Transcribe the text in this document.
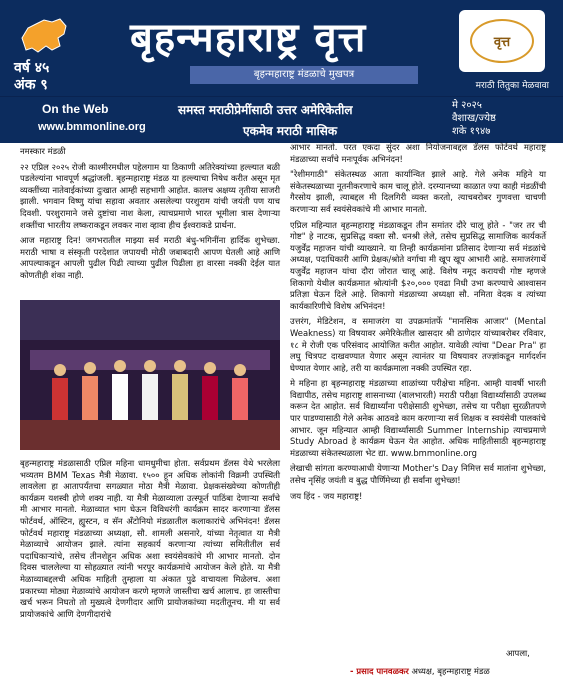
वर्ष ४५
अंक ९
बृहन्महाराष्ट्र वृत्त
बृहन्महाराष्ट्र मंडळाचे मुखपत्र
वृत्त
मराठी तितुका मेळवावा
On the Web
www.bmmonline.org
समस्त मराठीप्रेमींसाठी उत्तर अमेरिकेतील
एकमेव मराठी मासिक
मे २०२५
वैशाख/ज्येष्ठ
शके १९४७

नमस्कार मंडळी

२२ एप्रिल २०२५ रोजी काश्मीरमधील पहेलगाम या ठिकाणी अतिरेक्यांच्या हल्ल्यात बळी पडलेल्यांना भावपूर्ण श्रद्धांजली. बृहन्महाराष्ट्र मंडळ या हल्ल्याचा निषेध करीत असून मृत व्यक्तींच्या नातेवाईकांच्या दुःखात आम्ही सहभागी आहोत. कालच अक्षय्य तृतीया साजरी झाली. भगवान विष्णु यांचा सहावा अवतार असलेल्या परशुराम यांची जयंती पण याच दिवशी. परशुरामाने जसे दुष्टांचा नाश केला, त्याचप्रमाणे भारत भूमीला त्रास देणाऱ्या शक्तींचा भारतीय लष्कराकडून लवकर नाश व्हावा हीच ईश्वराकडे प्रार्थना.

आज महाराष्ट्र दिन! जगभरातील माझ्या सर्व मराठी बंधु-भगिनींना हार्दिक शुभेच्छा. मराठी भाषा व संस्कृती परदेशात जपायची मोठी जबाबदारी आपण घेतली आहे आणि आपल्याकडून आपली पुढील पिढी त्याच्या पुढील पिढीला हा वारसा नक्की देईल यात कोणतीही शंका नाही.

बृहन्महाराष्ट्र मंडळासाठी एप्रिल महिना धामधुमीचा होता. सर्वप्रथम डॅलस येथे भरलेला भव्यतम BMM Texas मैत्री मेळावा. १५०० हून अधिक लोकांनी विक्रमी उपस्थिती लावलेला हा आतापर्यंतचा सगळ्यात मोठा मैत्री मेळावा. प्रेक्षकसंख्येच्या कोणतीही कार्यक्रम यशस्वी होणे शक्य नाही. या मैत्री मेळाव्याला उत्स्फूर्त पाठिंबा देणाऱ्या सर्वांचे मी आभार मानतो. मेळाव्यात भाग घेऊन विविधरंगी कार्यक्रम सादर करणाऱ्या डॅलस फोर्टवर्थ, ऑस्टिन, ह्युस्टन, व सॅन अँटोनियो मंडळातील कलाकारांचे अभिनंदन! डॅलस फोर्टवर्थ महाराष्ट्र मंडळाच्या अध्यक्षा, सौ. शामली असनारे, यांच्या नेतृत्वात या मैत्री मेळाव्याचे आयोजन झाले. त्यांना सहकार्य करणाऱ्या त्यांच्या समितीतील सर्व पदाधिकाऱ्यांचे, तसेच तीनशेहून अधिक अशा स्वयंसेवकांचे मी आभार मानतो. दोन दिवस चाललेल्या या सोहळ्यात त्यांनी भरपूर कार्यक्रमांचे आयोजन केले होते. या मैत्री मेळाव्याबद्दलची अधिक माहिती तुम्हाला या अंकात पुढे वाचायला मिळेलच. अशा प्रकारच्या मोठ्या मेळाव्यांचे आयोजन करणे म्हणजे जास्तीचा खर्च आलाच. हा जास्तीचा खर्च भरून निघतो तो मुख्यत्वे देणगीदार आणि प्रायोजकांच्या मदतीतूनच. मी या सर्व प्रायोजकांचे आणि देणगीदारांचे

आभार मानतो. परत एकदा सुंदर अशा नियोजनाबद्दल डॅलस फोर्टवर्थ महाराष्ट्र मंडळाच्या सर्वांचे मनःपूर्वक अभिनंदन!

"रेशीमगाठी" संकेतस्थळ आता कार्यान्वित झाले आहे. गेले अनेक महिने या संकेतस्थळाच्या नूतनीकरणाचे काम चालू होते. दरम्यानच्या काळात ज्या काही मंडळींची गैरसोय झाली, त्याबद्दल मी दिलगिरी व्यक्त करतो, त्याचबरोबर गुणवत्ता चाचणी करणाऱ्या सर्व स्वयंसेवकांचे मी आभार मानतो.

एप्रिल महिन्यात बृहन्महाराष्ट्र मंडळाकडून तीन समांतर दौरे चालू होते - "जर तर ची गोष्ट" हे नाटक, सुप्रसिद्ध वक्ता सौ. धनश्री लेले, तसेच सुप्रसिद्ध सामाजिक कार्यकर्ते यजुर्वेंद्र महाजन यांची व्याख्याने. या तिन्ही कार्यक्रमांना प्रतिसाद देणाऱ्या सर्व मंडळांचे अध्यक्ष, पदाधिकारी आणि प्रेक्षक/श्रोते वर्गाचा मी खूप खूप आभारी आहे. समाजरंगार्थे यजुर्वेंद्र महाजन यांचा दौरा जोरात चालू आहे. विशेष नमूद करायची गोष्ट म्हणजे शिकागो येथील कार्यक्रमात श्रोत्यांनी $२०,००० एवढा निधी उभा करण्याचे आश्वासन प्रतिज्ञा घेऊन दिले आहे. शिकागो मंडळाच्या अध्यक्षा सौ. नमिता वेदक व त्यांच्या कार्यकारिणीचे विशेष अभिनंदन!

उत्तरंग, मेडिटेशन, व समाजरंग या उपक्रमांतर्फे "मानसिक आजार" (Mental Weakness) या विषयावर अमेरिकेतील खासदार श्री ठाणेदार यांच्याबरोबर रविवार, १८ मे रोजी एक परिसंवाद आयोजित करीत आहोत. यावेळी त्यांचा "Dear Pra" हा लघु चित्रपट दाखवण्यात येणार असून त्यानंतर या विषयावर तज्ज्ञांकडून मार्गदर्शन घेण्यात येणार आहे, तरी या कार्यक्रमाला नक्की उपस्थित रहा.

मे महिना हा बृहन्महाराष्ट्र मंडळाच्या शाळांच्या परीक्षेचा महिना. आम्ही यावर्षी भारती विद्यापीठ, तसेच महाराष्ट्र शासनाच्या (बालभारती) मराठी परीक्षा विद्यार्थ्यांसाठी उपलब्ध करून देत आहोत. सर्व विद्यार्थ्यांना परीक्षेसाठी शुभेच्छा, तसेच या परीक्षा सुरळीतपणे पार पाडण्यासाठी गेले अनेक आठवडे काम करणाऱ्या सर्व शिक्षक व स्वयंसेवी पालकांचे आभार. जून महिन्यात आम्ही विद्यार्थ्यांसाठी Summer Internship त्याचप्रमाणे Study Abroad हे कार्यक्रम घेऊन येत आहोत. अधिक माहितीसाठी बृहन्महाराष्ट्र मंडळाच्या संकेतस्थळाला भेट द्या. www.bmmonline.org

लेखाची सांगता करण्याआधी येणाऱ्या Mother's Day निमित्त सर्व मातांना शुभेच्छा, तसेच नृसिंह जयंती व बुद्ध पौर्णिमेच्या ही सर्वांना शुभेच्छा!

जय हिंद - जय महाराष्ट्र!

आपला,
- प्रसाद पानवळकर अध्यक्ष, बृहन्महाराष्ट्र मंडळ
